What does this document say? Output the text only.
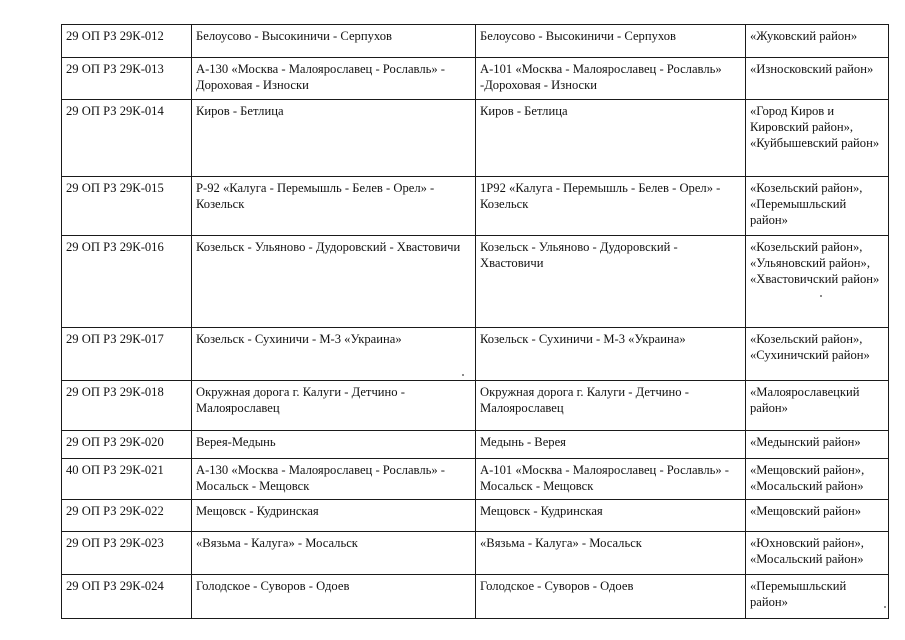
29 ОП РЗ 29К-012	Белоусово - Высокиничи - Серпухов	Белоусово - Высокиничи - Серпухов	«Жуковский район»
29 ОП РЗ 29К-013	А-130 «Москва - Малоярославец - Рославль» - Дороховая - Износки	А-101 «Москва - Малоярославец - Рославль» -Дороховая - Износки	«Износковский район»
29 ОП РЗ 29К-014	Киров - Бетлица	Киров - Бетлица	«Город Киров и Кировский район», «Куйбышевский район»
29 ОП РЗ 29К-015	Р-92 «Калуга - Перемышль - Белев - Орел» - Козельск	1Р92 «Калуга - Перемышль - Белев - Орел» - Козельск	«Козельский район», «Перемышльский район»
29 ОП РЗ 29К-016	Козельск - Ульяново - Дудоровский - Хвастовичи	Козельск - Ульяново - Дудоровский - Хвастовичи	«Козельский район», «Ульяновский район», «Хвастовичский район»
29 ОП РЗ 29К-017	Козельск - Сухиничи - М-3 «Украина»	Козельск - Сухиничи - М-3 «Украина»	«Козельский район», «Сухиничский район»
29 ОП РЗ 29К-018	Окружная дорога г. Калуги - Детчино - Малоярославец	Окружная дорога г. Калуги - Детчино - Малоярославец	«Малоярославецкий район»
29 ОП РЗ 29К-020	Верея-Медынь	Медынь - Верея	«Медынский район»
40 ОП РЗ 29К-021	А-130 «Москва - Малоярославец - Рославль» - Мосальск - Мещовск	А-101 «Москва - Малоярославец - Рославль» - Мосальск - Мещовск	«Мещовский район», «Мосальский район»
29 ОП РЗ 29К-022	Мещовск - Кудринская	Мещовск - Кудринская	«Мещовский район»
29 ОП РЗ 29К-023	«Вязьма - Калуга» - Мосальск	«Вязьма - Калуга» - Мосальск	«Юхновский район», «Мосальский район»
29 ОП РЗ 29К-024	Голодское - Суворов - Одоев	Голодское - Суворов - Одоев	«Перемышльский район»
